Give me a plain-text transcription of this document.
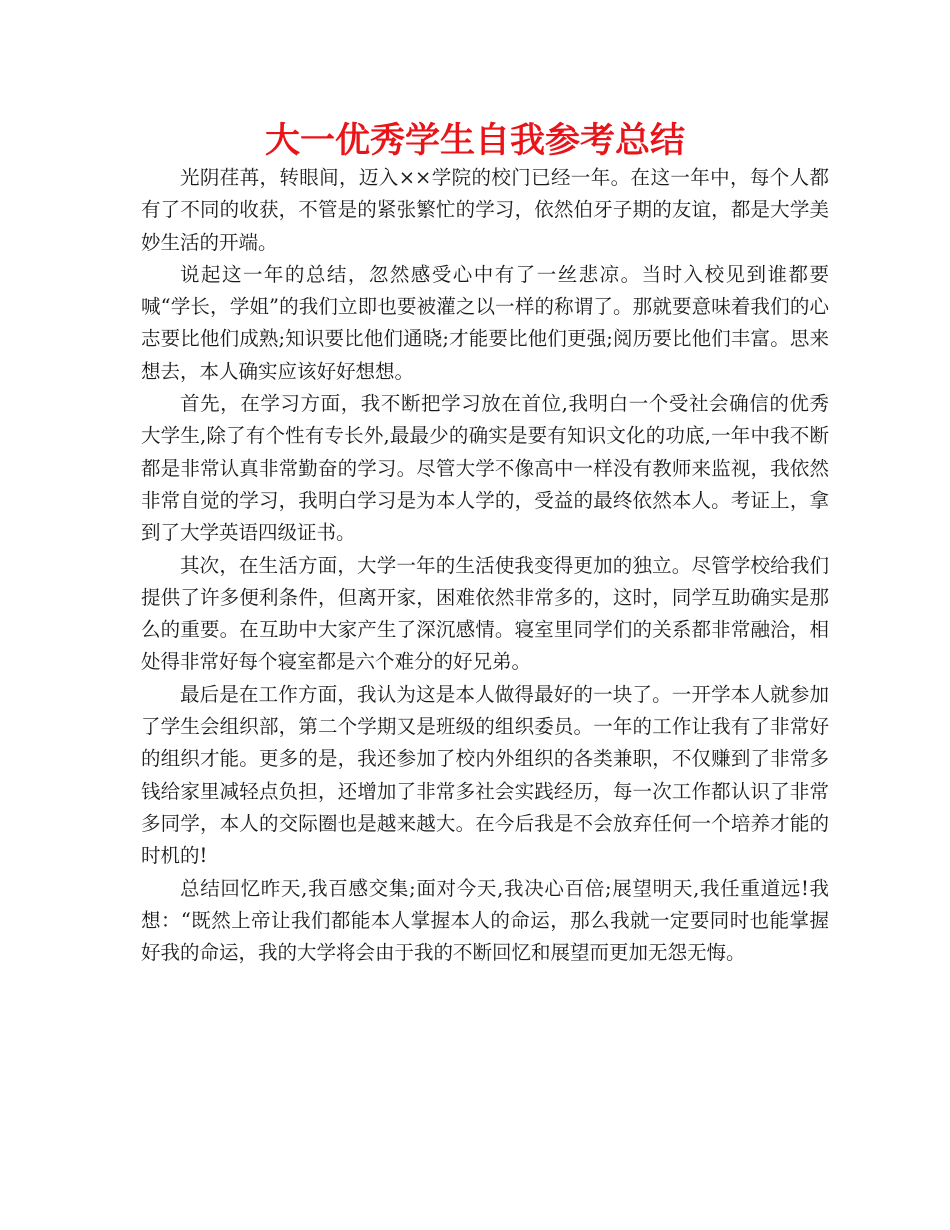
大一优秀学生自我参考总结

光阴荏苒，转眼间，迈入××学院的校门已经一年。在这一年中，每个人都有了不同的收获，不管是的紧张繁忙的学习，依然伯牙子期的友谊，都是大学美妙生活的开端。

说起这一年的总结，忽然感受心中有了一丝悲凉。当时入校见到谁都要喊“学长，学姐”的我们立即也要被灌之以一样的称谓了。那就要意味着我们的心志要比他们成熟;知识要比他们通晓;才能要比他们更强;阅历要比他们丰富。思来想去，本人确实应该好好想想。

首先，在学习方面，我不断把学习放在首位,我明白一个受社会确信的优秀大学生,除了有个性有专长外,最最少的确实是要有知识文化的功底,一年中我不断都是非常认真非常勤奋的学习。尽管大学不像高中一样没有教师来监视，我依然非常自觉的学习，我明白学习是为本人学的，受益的最终依然本人。考证上，拿到了大学英语四级证书。

其次，在生活方面，大学一年的生活使我变得更加的独立。尽管学校给我们提供了许多便利条件，但离开家，困难依然非常多的，这时，同学互助确实是那么的重要。在互助中大家产生了深沉感情。寝室里同学们的关系都非常融洽，相处得非常好每个寝室都是六个难分的好兄弟。

最后是在工作方面，我认为这是本人做得最好的一块了。一开学本人就参加了学生会组织部，第二个学期又是班级的组织委员。一年的工作让我有了非常好的组织才能。更多的是，我还参加了校内外组织的各类兼职，不仅赚到了非常多钱给家里减轻点负担，还增加了非常多社会实践经历，每一次工作都认识了非常多同学，本人的交际圈也是越来越大。在今后我是不会放弃任何一个培养才能的时机的!

总结回忆昨天,我百感交集;面对今天,我决心百倍;展望明天,我任重道远!我想：“既然上帝让我们都能本人掌握本人的命运，那么我就一定要同时也能掌握好我的命运，我的大学将会由于我的不断回忆和展望而更加无怨无悔。
